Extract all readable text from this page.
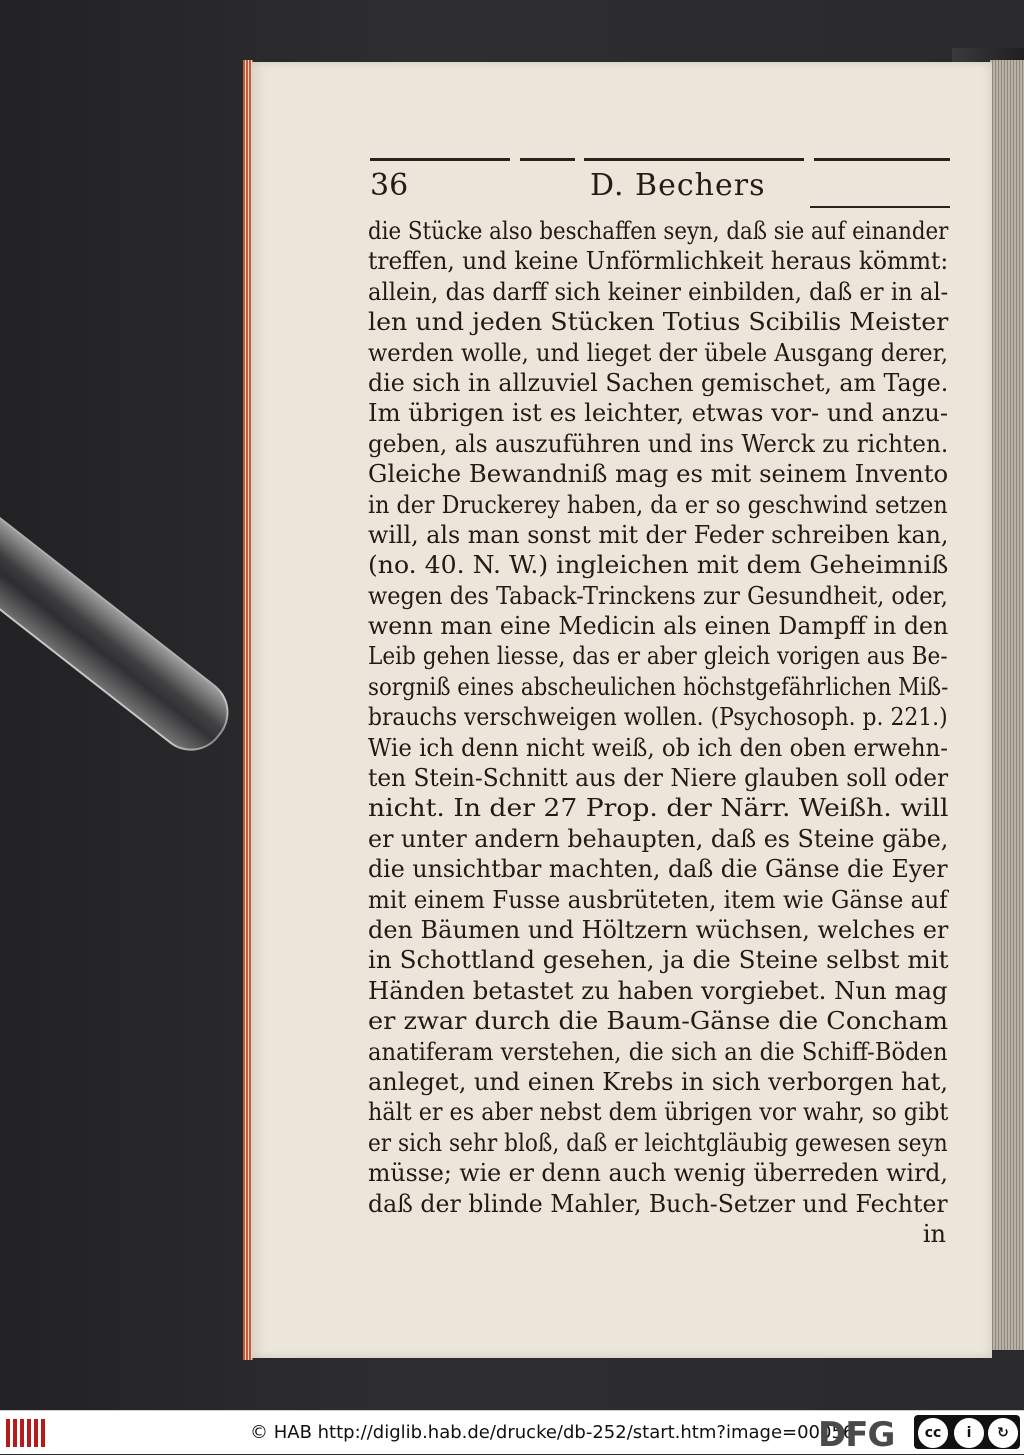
36	D. Bechers
die Stücke also beschaffen seyn, daß sie auf einander
treffen, und keine Unförmlichkeit heraus kömmt:
allein, das darff sich keiner einbilden, daß er in al-
len und jeden Stücken Totius Scibilis Meister
werden wolle, und lieget der übele Ausgang derer,
die sich in allzuviel Sachen gemischet, am Tage.
Im übrigen ist es leichter, etwas vor- und anzu-
geben, als auszuführen und ins Werck zu richten.
Gleiche Bewandniß mag es mit seinem Invento
in der Druckerey haben, da er so geschwind setzen
will, als man sonst mit der Feder schreiben kan,
(no. 40. N. W.) ingleichen mit dem Geheimniß
wegen des Taback-Trinckens zur Gesundheit, oder,
wenn man eine Medicin als einen Dampff in den
Leib gehen liesse, das er aber gleich vorigen aus Be-
sorgniß eines abscheulichen höchstgefährlichen Miß-
brauchs verschweigen wollen. (Psychosoph. p. 221.)
Wie ich denn nicht weiß, ob ich den oben erwehn-
ten Stein-Schnitt aus der Niere glauben soll oder
nicht. In der 27 Prop. der Närr. Weißh. will
er unter andern behaupten, daß es Steine gäbe,
die unsichtbar machten, daß die Gänse die Eyer
mit einem Fusse ausbrüteten, item wie Gänse auf
den Bäumen und Höltzern wüchsen, welches er
in Schottland gesehen, ja die Steine selbst mit
Händen betastet zu haben vorgiebet. Nun mag
er zwar durch die Baum-Gänse die Concham
anatiferam verstehen, die sich an die Schiff-Böden
anleget, und einen Krebs in sich verborgen hat,
hält er es aber nebst dem übrigen vor wahr, so gibt
er sich sehr bloß, daß er leichtgläubig gewesen seyn
müsse; wie er denn auch wenig überreden wird,
daß der blinde Mahler, Buch-Setzer und Fechter
in
© HAB http://diglib.hab.de/drucke/db-252/start.htm?image=00056
DFG	cc	i	↻
BY	SA
